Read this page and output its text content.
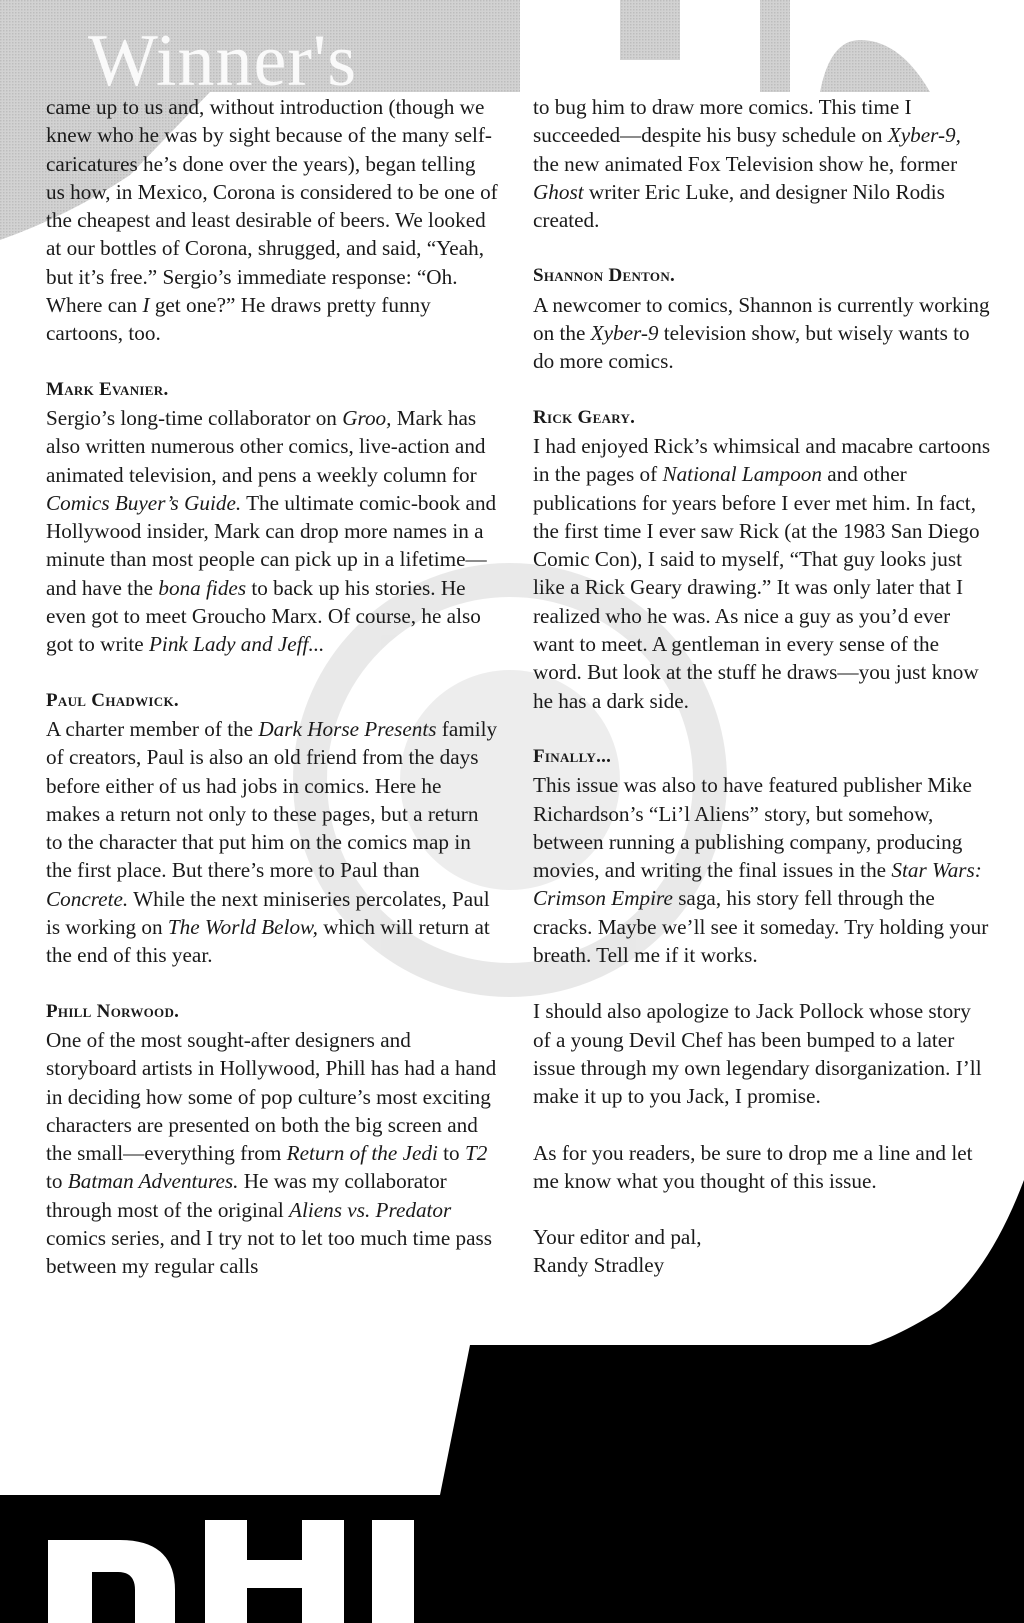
Winner's

came up to us and, without introduction (though we knew who he was by sight because of the many self-caricatures he’s done over the years), began telling us how, in Mexico, Corona is considered to be one of the cheapest and least desirable of beers. We looked at our bottles of Corona, shrugged, and said, “Yeah, but it’s free.” Sergio’s immediate response: “Oh. Where can I get one?” He draws pretty funny cartoons, too.

Mark Evanier.

Sergio’s long-time collaborator on Groo, Mark has also written numerous other comics, live-action and animated television, and pens a weekly column for Comics Buyer’s Guide. The ultimate comic-book and Hollywood insider, Mark can drop more names in a minute than most people can pick up in a lifetime—and have the bona fides to back up his stories. He even got to meet Groucho Marx. Of course, he also got to write Pink Lady and Jeff...

Paul Chadwick.

A charter member of the Dark Horse Presents family of creators, Paul is also an old friend from the days before either of us had jobs in comics. Here he makes a return not only to these pages, but a return to the character that put him on the comics map in the first place. But there’s more to Paul than Concrete. While the next miniseries percolates, Paul is working on The World Below, which will return at the end of this year.

Phill Norwood.

One of the most sought-after designers and storyboard artists in Hollywood, Phill has had a hand in deciding how some of pop culture’s most exciting characters are presented on both the big screen and the small—everything from Return of the Jedi to T2 to Batman Adventures. He was my collaborator through most of the original Aliens vs. Predator comics series, and I try not to let too much time pass between my regular calls

to bug him to draw more comics. This time I succeeded—despite his busy schedule on Xyber-9, the new animated Fox Television show he, former Ghost writer Eric Luke, and designer Nilo Rodis created.

Shannon Denton.

A newcomer to comics, Shannon is currently working on the Xyber-9 television show, but wisely wants to do more comics.

Rick Geary.

I had enjoyed Rick’s whimsical and macabre cartoons in the pages of National Lampoon and other publications for years before I ever met him. In fact, the first time I ever saw Rick (at the 1983 San Diego Comic Con), I said to myself, “That guy looks just like a Rick Geary drawing.” It was only later that I realized who he was. As nice a guy as you’d ever want to meet. A gentleman in every sense of the word. But look at the stuff he draws—you just know he has a dark side.

Finally...

This issue was also to have featured publisher Mike Richardson’s “Li’l Aliens” story, but somehow, between running a publishing company, producing movies, and writing the final issues in the Star Wars: Crimson Empire saga, his story fell through the cracks. Maybe we’ll see it someday. Try holding your breath. Tell me if it works.

I should also apologize to Jack Pollock whose story of a young Devil Chef has been bumped to a later issue through my own legendary disorganization. I’ll make it up to you Jack, I promise.

As for you readers, be sure to drop me a line and let me know what you thought of this issue.

Your editor and pal,
Randy Stradley
